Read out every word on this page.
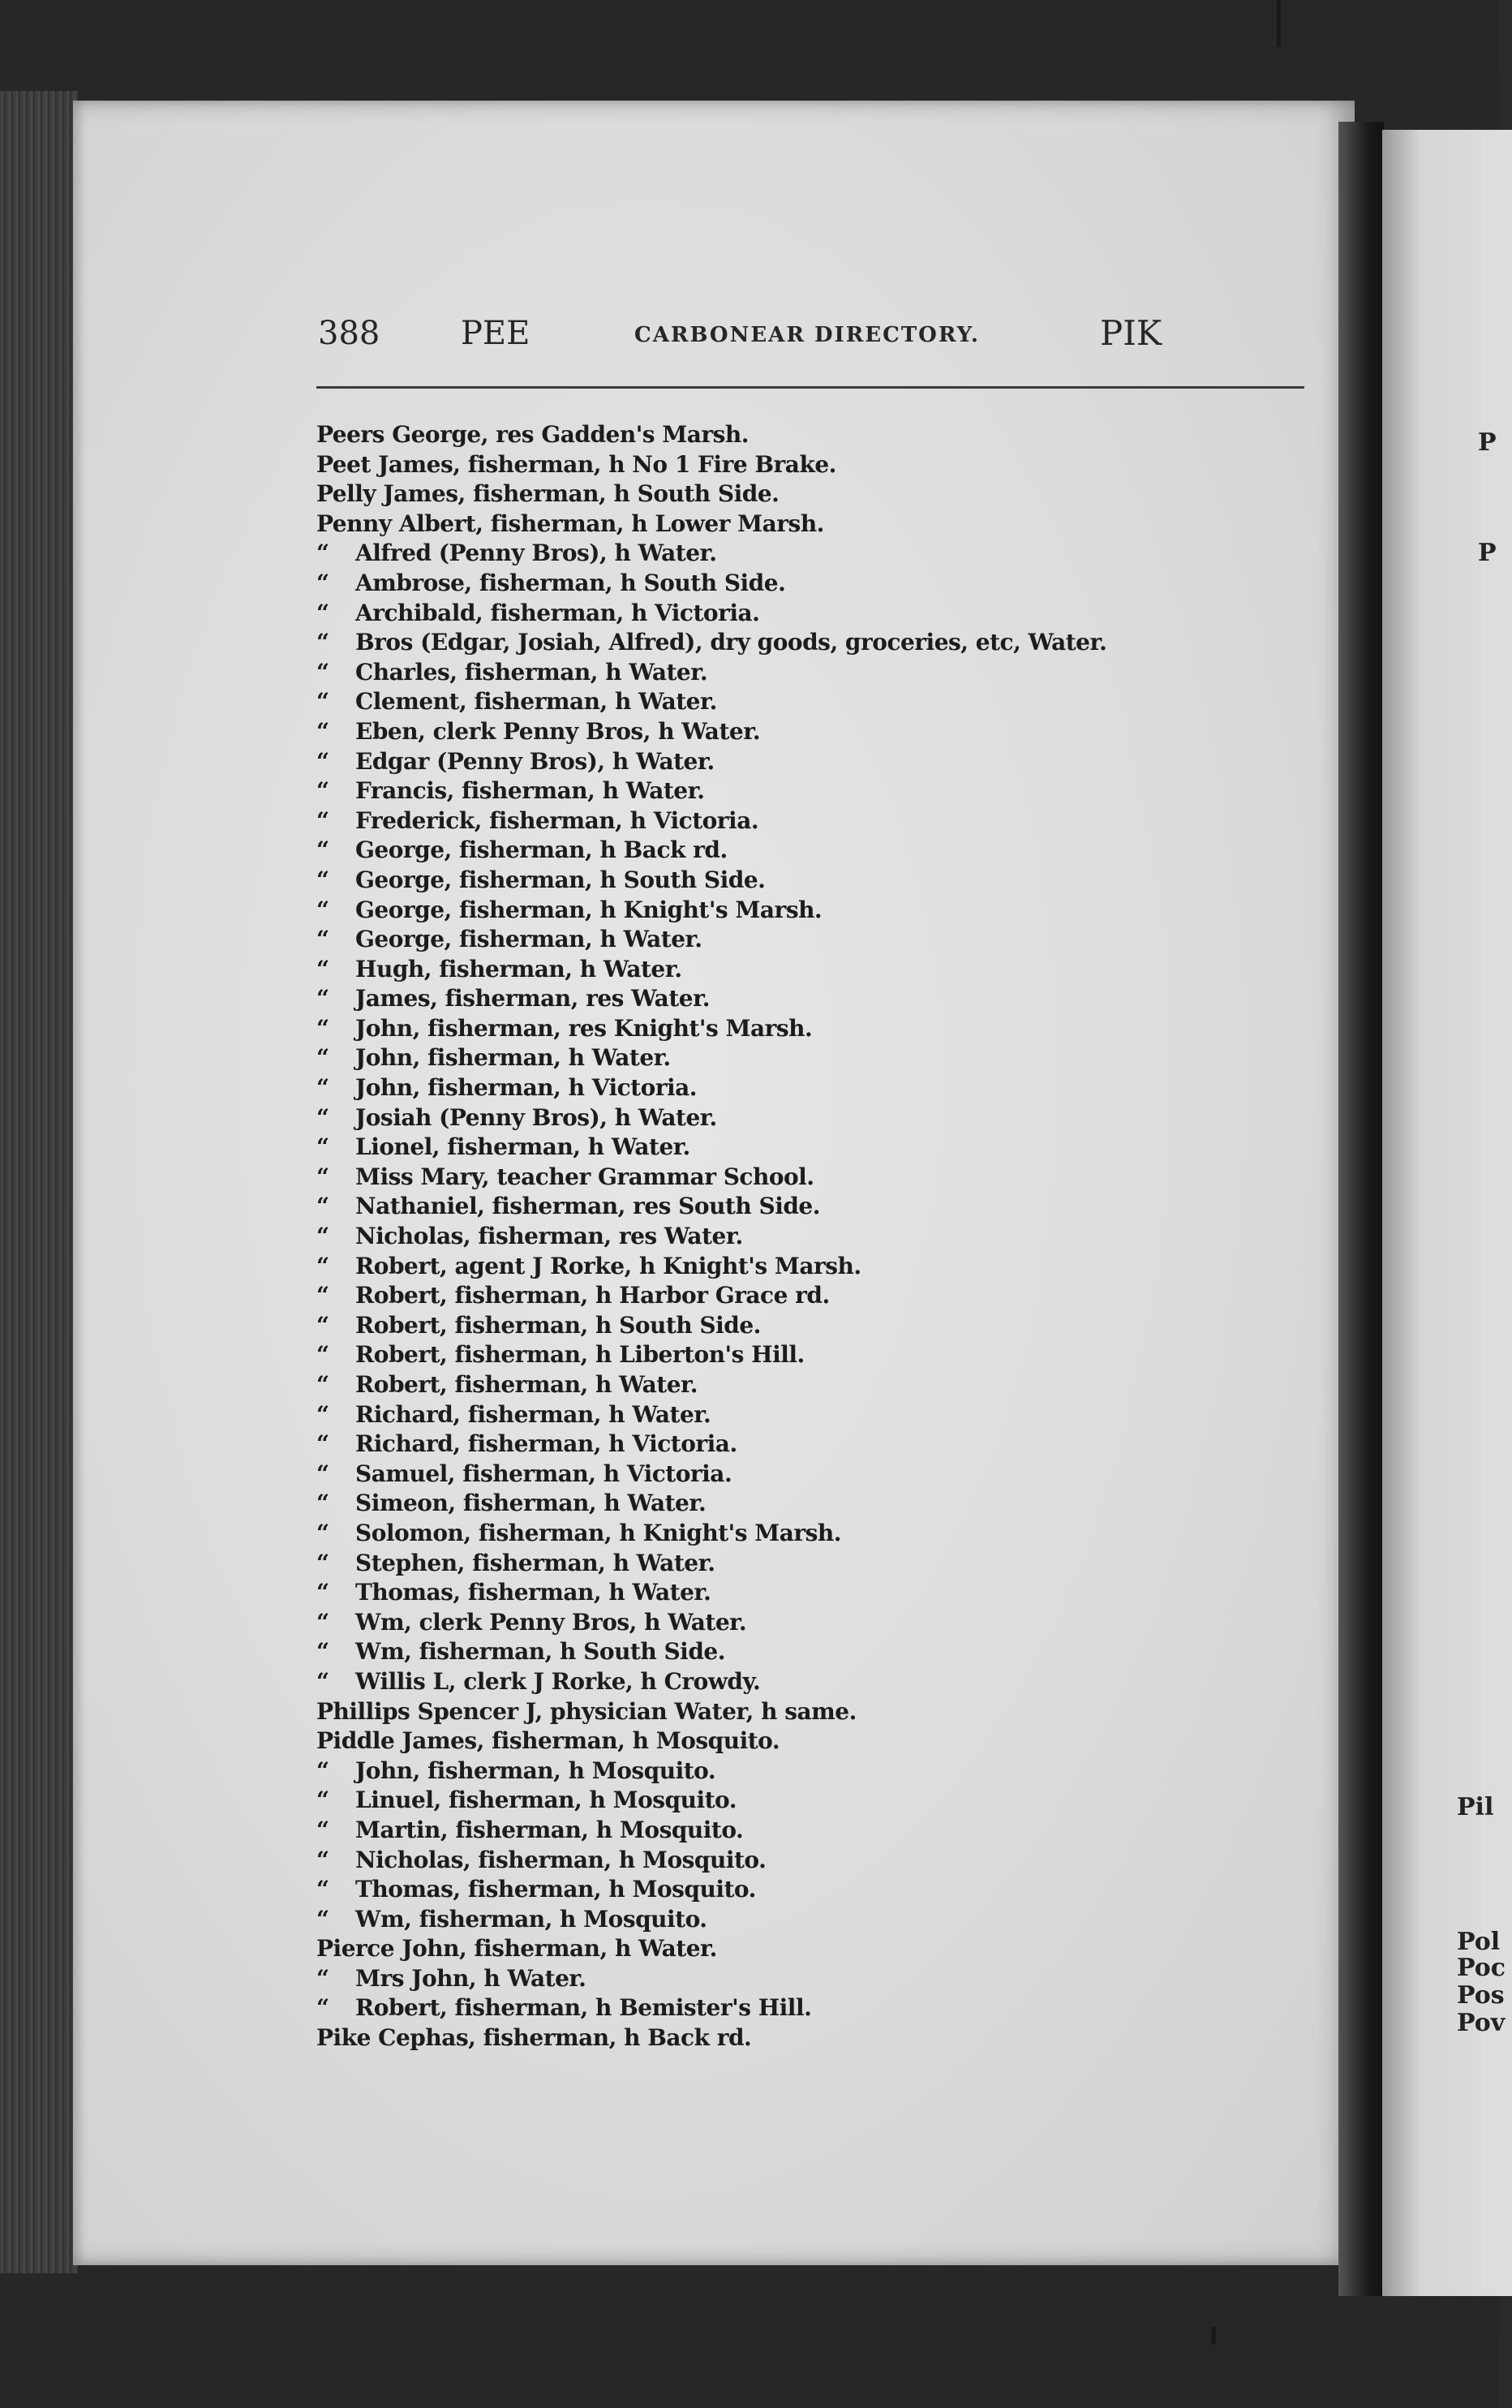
388 PEE	CARBONEAR DIRECTORY.	PIK
Peers George, res Gadden's Marsh.
Peet James, fisherman, h No 1 Fire Brake.
Pelly James, fisherman, h South Side.
Penny Albert, fisherman, h Lower Marsh.
“ Alfred (Penny Bros), h Water.
“ Ambrose, fisherman, h South Side.
“ Archibald, fisherman, h Victoria.
“ Bros (Edgar, Josiah, Alfred), dry goods, groceries, etc, Water.
“ Charles, fisherman, h Water.
“ Clement, fisherman, h Water.
“ Eben, clerk Penny Bros, h Water.
“ Edgar (Penny Bros), h Water.
“ Francis, fisherman, h Water.
“ Frederick, fisherman, h Victoria.
“ George, fisherman, h Back rd.
“ George, fisherman, h South Side.
“ George, fisherman, h Knight's Marsh.
“ George, fisherman, h Water.
“ Hugh, fisherman, h Water.
“ James, fisherman, res Water.
“ John, fisherman, res Knight's Marsh.
“ John, fisherman, h Water.
“ John, fisherman, h Victoria.
“ Josiah (Penny Bros), h Water.
“ Lionel, fisherman, h Water.
“ Miss Mary, teacher Grammar School.
“ Nathaniel, fisherman, res South Side.
“ Nicholas, fisherman, res Water.
“ Robert, agent J Rorke, h Knight's Marsh.
“ Robert, fisherman, h Harbor Grace rd.
“ Robert, fisherman, h South Side.
“ Robert, fisherman, h Liberton's Hill.
“ Robert, fisherman, h Water.
“ Richard, fisherman, h Water.
“ Richard, fisherman, h Victoria.
“ Samuel, fisherman, h Victoria.
“ Simeon, fisherman, h Water.
“ Solomon, fisherman, h Knight's Marsh.
“ Stephen, fisherman, h Water.
“ Thomas, fisherman, h Water.
“ Wm, clerk Penny Bros, h Water.
“ Wm, fisherman, h South Side.
“ Willis L, clerk J Rorke, h Crowdy.
Phillips Spencer J, physician Water, h same.
Piddle James, fisherman, h Mosquito.
“ John, fisherman, h Mosquito.
“ Linuel, fisherman, h Mosquito.
“ Martin, fisherman, h Mosquito.
“ Nicholas, fisherman, h Mosquito.
“ Thomas, fisherman, h Mosquito.
“ Wm, fisherman, h Mosquito.
Pierce John, fisherman, h Water.
“ Mrs John, h Water.
“ Robert, fisherman, h Bemister's Hill.
Pike Cephas, fisherman, h Back rd.
P
P
Pil
Pol
Poc
Pos
Pov
